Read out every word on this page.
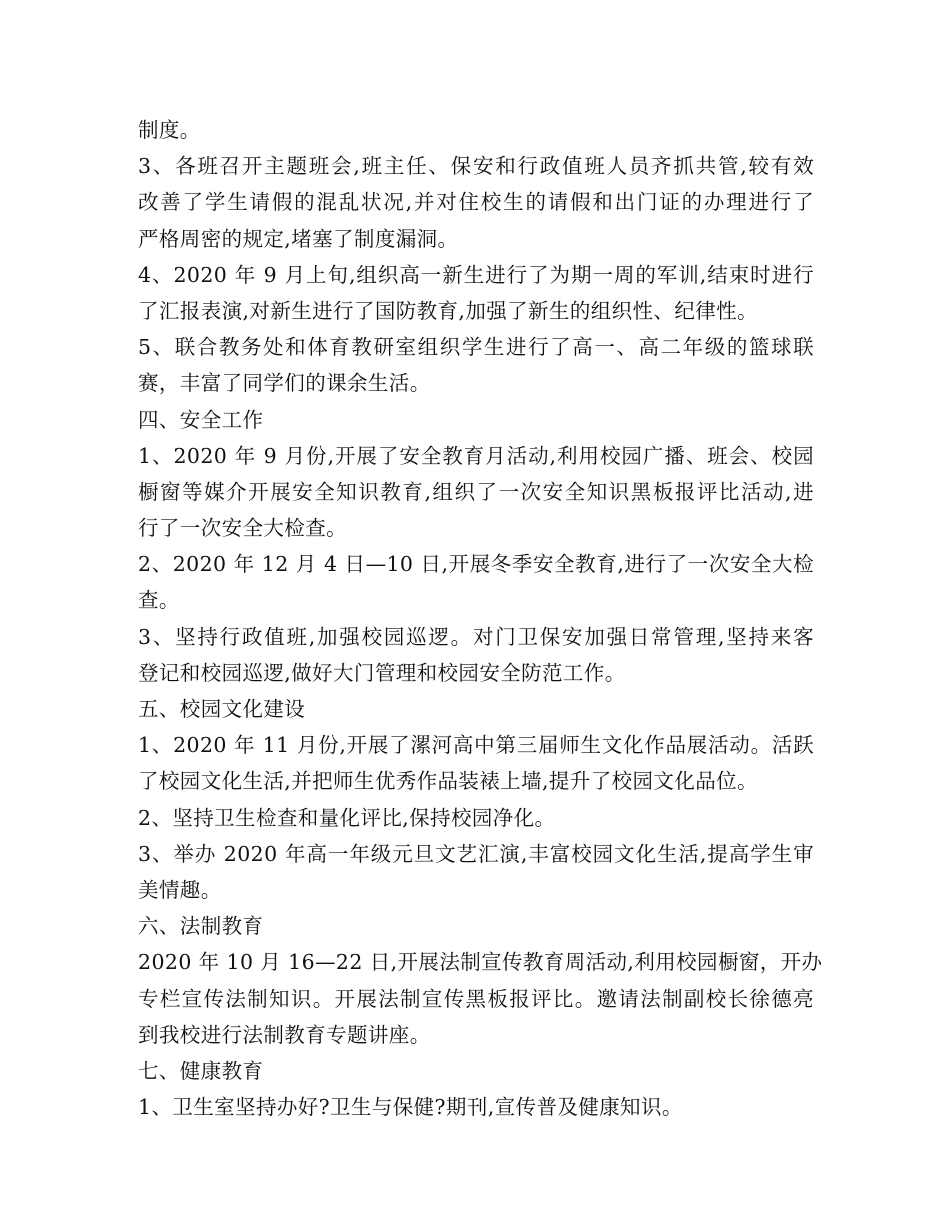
制度。
3、各班召开主题班会,班主任、保安和行政值班人员齐抓共管,较有效
改善了学生请假的混乱状况,并对住校生的请假和出门证的办理进行了
严格周密的规定,堵塞了制度漏洞。
4、2020 年 9 月上旬,组织高一新生进行了为期一周的军训,结束时进行
了汇报表演,对新生进行了国防教育,加强了新生的组织性、纪律性。
5、联合教务处和体育教研室组织学生进行了高一、高二年级的篮球联
赛，丰富了同学们的课余生活。
四、安全工作
1、2020 年 9 月份,开展了安全教育月活动,利用校园广播、班会、校园
橱窗等媒介开展安全知识教育,组织了一次安全知识黑板报评比活动,进
行了一次安全大检查。
2、2020 年 12 月 4 日—10 日,开展冬季安全教育,进行了一次安全大检
查。
3、坚持行政值班,加强校园巡逻。对门卫保安加强日常管理,坚持来客
登记和校园巡逻,做好大门管理和校园安全防范工作。
五、校园文化建设
1、2020 年 11 月份,开展了漯河高中第三届师生文化作品展活动。活跃
了校园文化生活,并把师生优秀作品装裱上墙,提升了校园文化品位。
2、坚持卫生检查和量化评比,保持校园净化。
3、举办 2020 年高一年级元旦文艺汇演,丰富校园文化生活,提高学生审
美情趣。
六、法制教育
2020 年 10 月 16—22 日,开展法制宣传教育周活动,利用校园橱窗，开办
专栏宣传法制知识。开展法制宣传黑板报评比。邀请法制副校长徐德亮
到我校进行法制教育专题讲座。
七、健康教育
1、卫生室坚持办好?卫生与保健?期刊,宣传普及健康知识。
